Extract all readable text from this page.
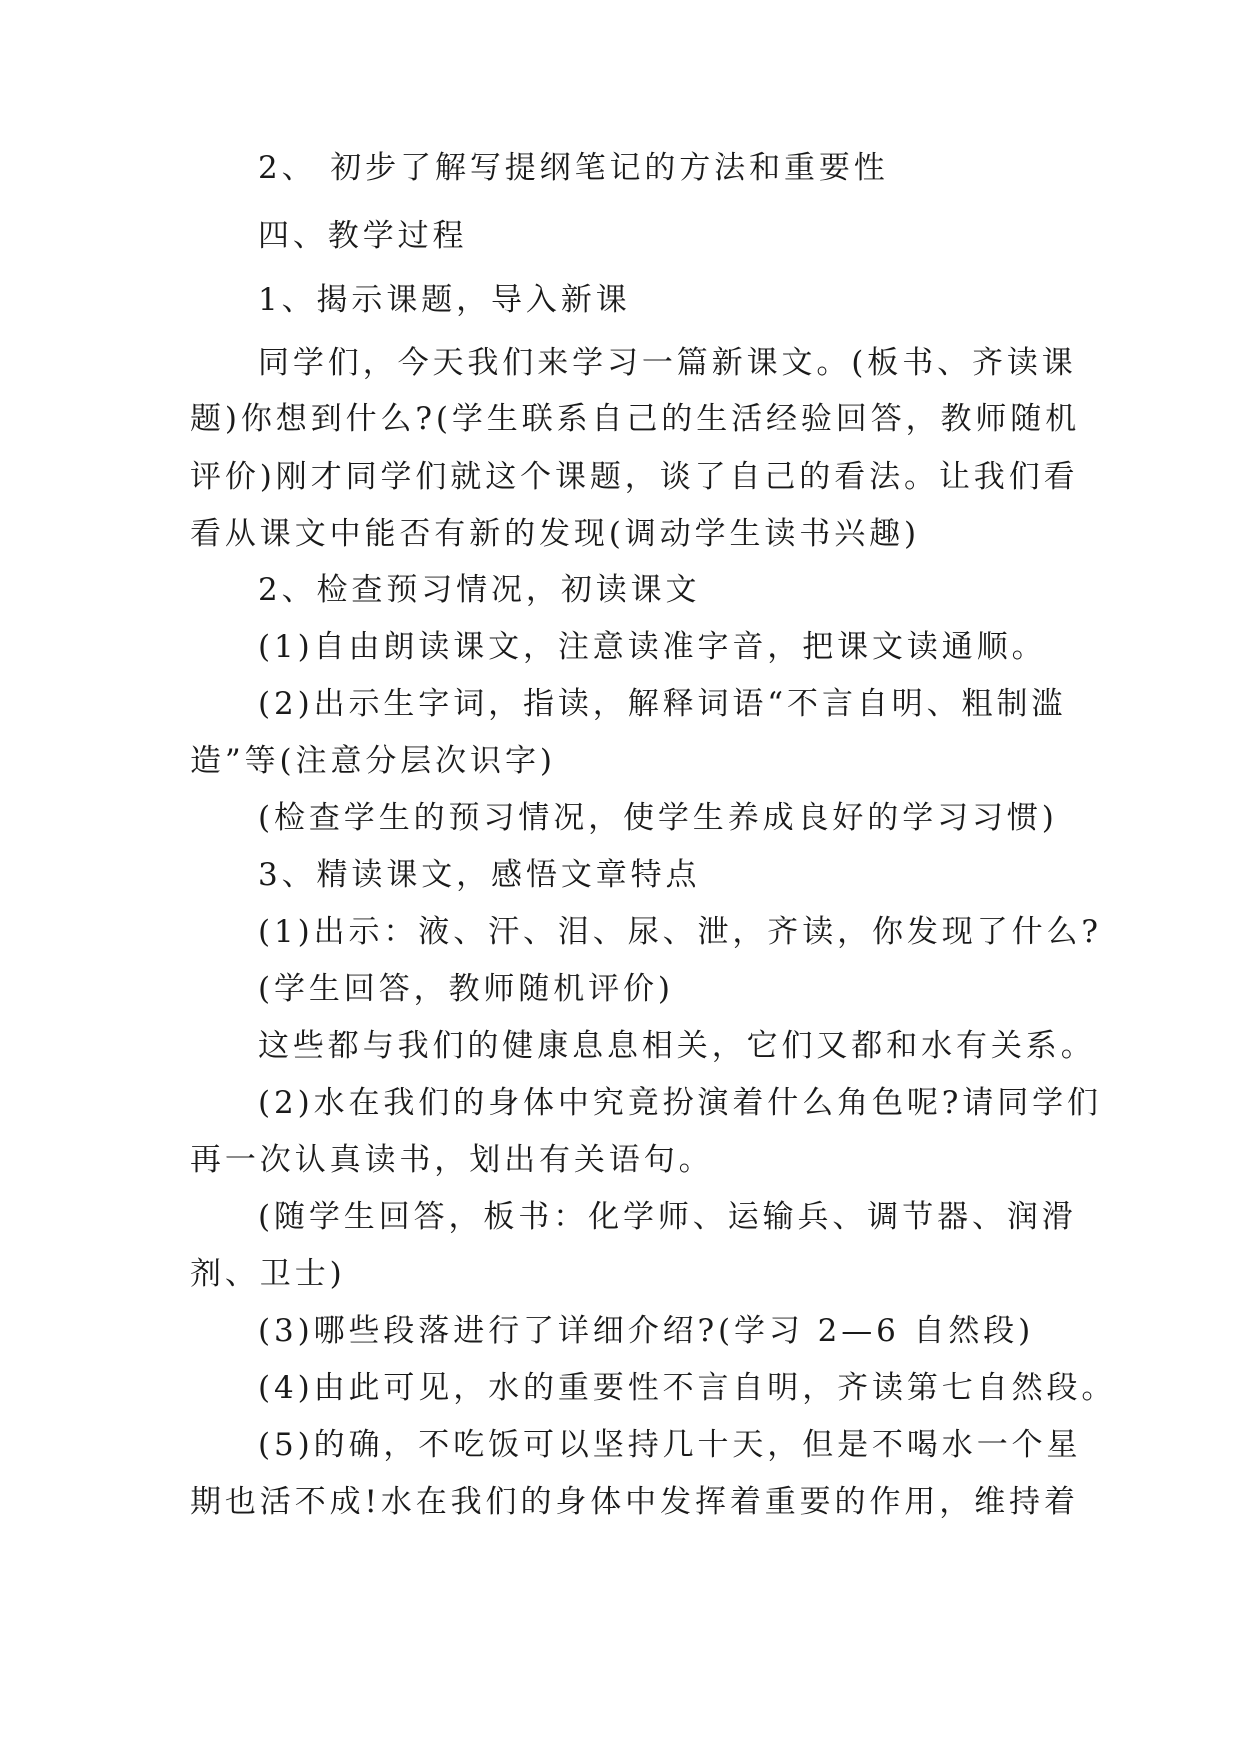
2、 初步了解写提纲笔记的方法和重要性
四、教学过程
1、揭示课题，导入新课
同学们，今天我们来学习一篇新课文。(板书、齐读课
题)你想到什么?(学生联系自己的生活经验回答，教师随机
评价)刚才同学们就这个课题，谈了自己的看法。让我们看
看从课文中能否有新的发现(调动学生读书兴趣)
2、检查预习情况，初读课文
(1)自由朗读课文，注意读准字音，把课文读通顺。
(2)出示生字词，指读，解释词语“不言自明、粗制滥
造”等(注意分层次识字)
(检查学生的预习情况，使学生养成良好的学习习惯)
3、精读课文，感悟文章特点
(1)出示：液、汗、泪、尿、泄，齐读，你发现了什么?
(学生回答，教师随机评价)
这些都与我们的健康息息相关，它们又都和水有关系。
(2)水在我们的身体中究竟扮演着什么角色呢?请同学们
再一次认真读书，划出有关语句。
(随学生回答，板书：化学师、运输兵、调节器、润滑
剂、卫士)
(3)哪些段落进行了详细介绍?(学习 2—6 自然段)
(4)由此可见，水的重要性不言自明，齐读第七自然段。
(5)的确，不吃饭可以坚持几十天，但是不喝水一个星
期也活不成!水在我们的身体中发挥着重要的作用，维持着
